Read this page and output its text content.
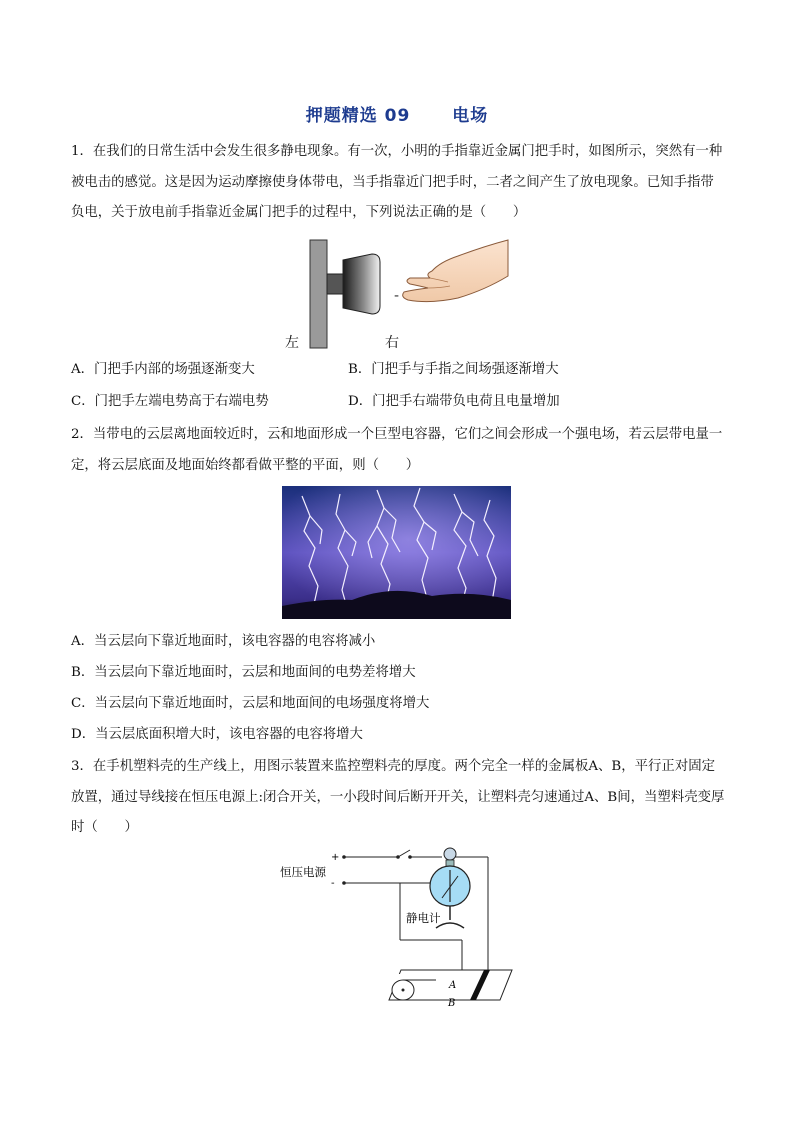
押题精选 09 电场
1．在我们的日常生活中会发生很多静电现象。有一次，小明的手指靠近金属门把手时，如图所示，突然有一种被电击的感觉。这是因为运动摩擦使身体带电，当手指靠近门把手时，二者之间产生了放电现象。已知手指带负电，关于放电前手指靠近金属门把手的过程中，下列说法正确的是（　　）
-
左	右
A．门把手内部的场强逐渐变大	B．门把手与手指之间场强逐渐增大
C．门把手左端电势高于右端电势	D．门把手右端带负电荷且电量增加
2．当带电的云层离地面较近时，云和地面形成一个巨型电容器，它们之间会形成一个强电场，若云层带电量一定，将云层底面及地面始终都看做平整的平面，则（　　）
A．当云层向下靠近地面时，该电容器的电容将减小
B．当云层向下靠近地面时，云层和地面间的电势差将增大
C．当云层向下靠近地面时，云层和地面间的电场强度将增大
D．当云层底面积增大时，该电容器的电容将增大
3．在手机塑料壳的生产线上，用图示装置来监控塑料壳的厚度。两个完全一样的金属板A、B，平行正对固定放置，通过导线接在恒压电源上:闭合开关，一小段时间后断开开关，让塑料壳匀速通过A、B间，当塑料壳变厚时（　　）
+
-
恒压电源
静电计
A
B
